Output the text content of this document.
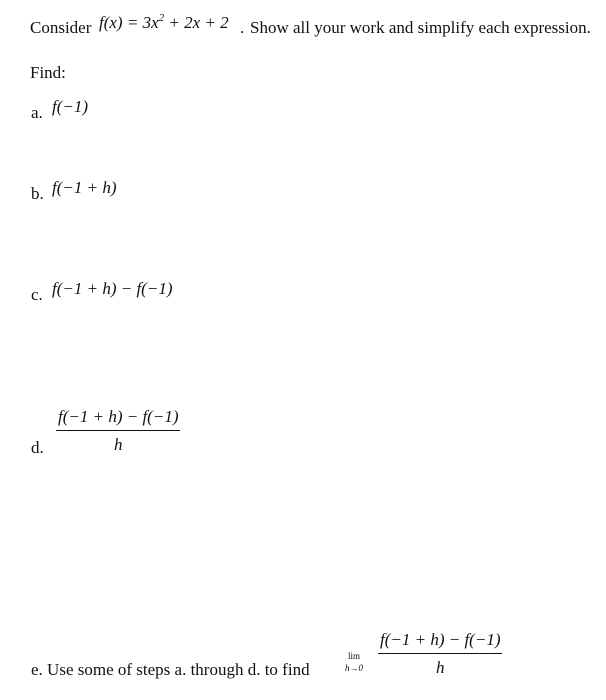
Consider $f(x) = 3x^2 + 2x + 2$ . Show all your work and simplify each expression.
Find:
a. f(−1)
b. f(−1 + h)
c. f(−1 + h) − f(−1)
d.
f(−1 + h) − f(−1)
h
e. Use some of steps a. through d. to find
lim
h→0
f(−1 + h) − f(−1)
h
